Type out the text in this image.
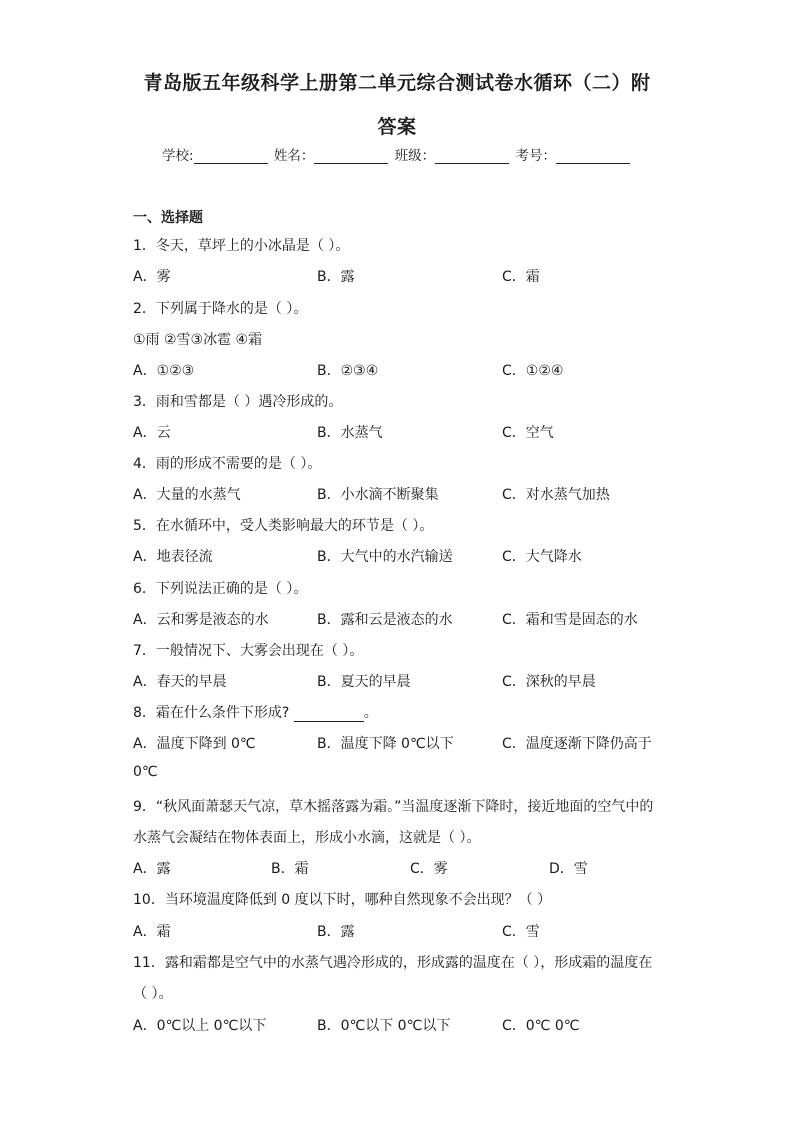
青岛版五年级科学上册第二单元综合测试卷水循环（二）附
答案
学校:	姓名：	班级：	考号：
一、选择题
1．冬天，草坪上的小冰晶是（ ）。
A．雾	B．露	C．霜
2．下列属于降水的是（ ）。
①雨 ②雪③冰雹 ④霜
A．①②③	B．②③④	C．①②④
3．雨和雪都是（ ）遇冷形成的。
A．云	B．水蒸气	C．空气
4．雨的形成不需要的是（ ）。
A．大量的水蒸气	B．小水滴不断聚集	C．对水蒸气加热
5．在水循环中，受人类影响最大的环节是（ ）。
A．地表径流	B．大气中的水汽输送	C．大气降水
6．下列说法正确的是（ ）。
A．云和雾是液态的水	B．露和云是液态的水	C．霜和雪是固态的水
7．一般情况下、大雾会出现在（ ）。
A．春天的早晨	B．夏天的早晨	C．深秋的早晨
8．霜在什么条件下形成?	。
A．温度下降到 0℃	B．温度下降 0℃以下	C．温度逐渐下降仍高于
0℃
9．“秋风面萧瑟天气凉，草木摇落露为霜。”当温度逐渐下降时，接近地面的空气中的
水蒸气会凝结在物体表面上，形成小水滴，这就是（ ）。
A．露	B．霜	C．雾	D．雪
10．当环境温度降低到 0 度以下时，哪种自然现象不会出现？（ ）
A．霜	B．露	C．雪
11．露和霜都是空气中的水蒸气遇冷形成的，形成露的温度在（ ），形成霜的温度在
（ ）。
A．0℃以上 0℃以下	B．0℃以下 0℃以下	C．0℃ 0℃
